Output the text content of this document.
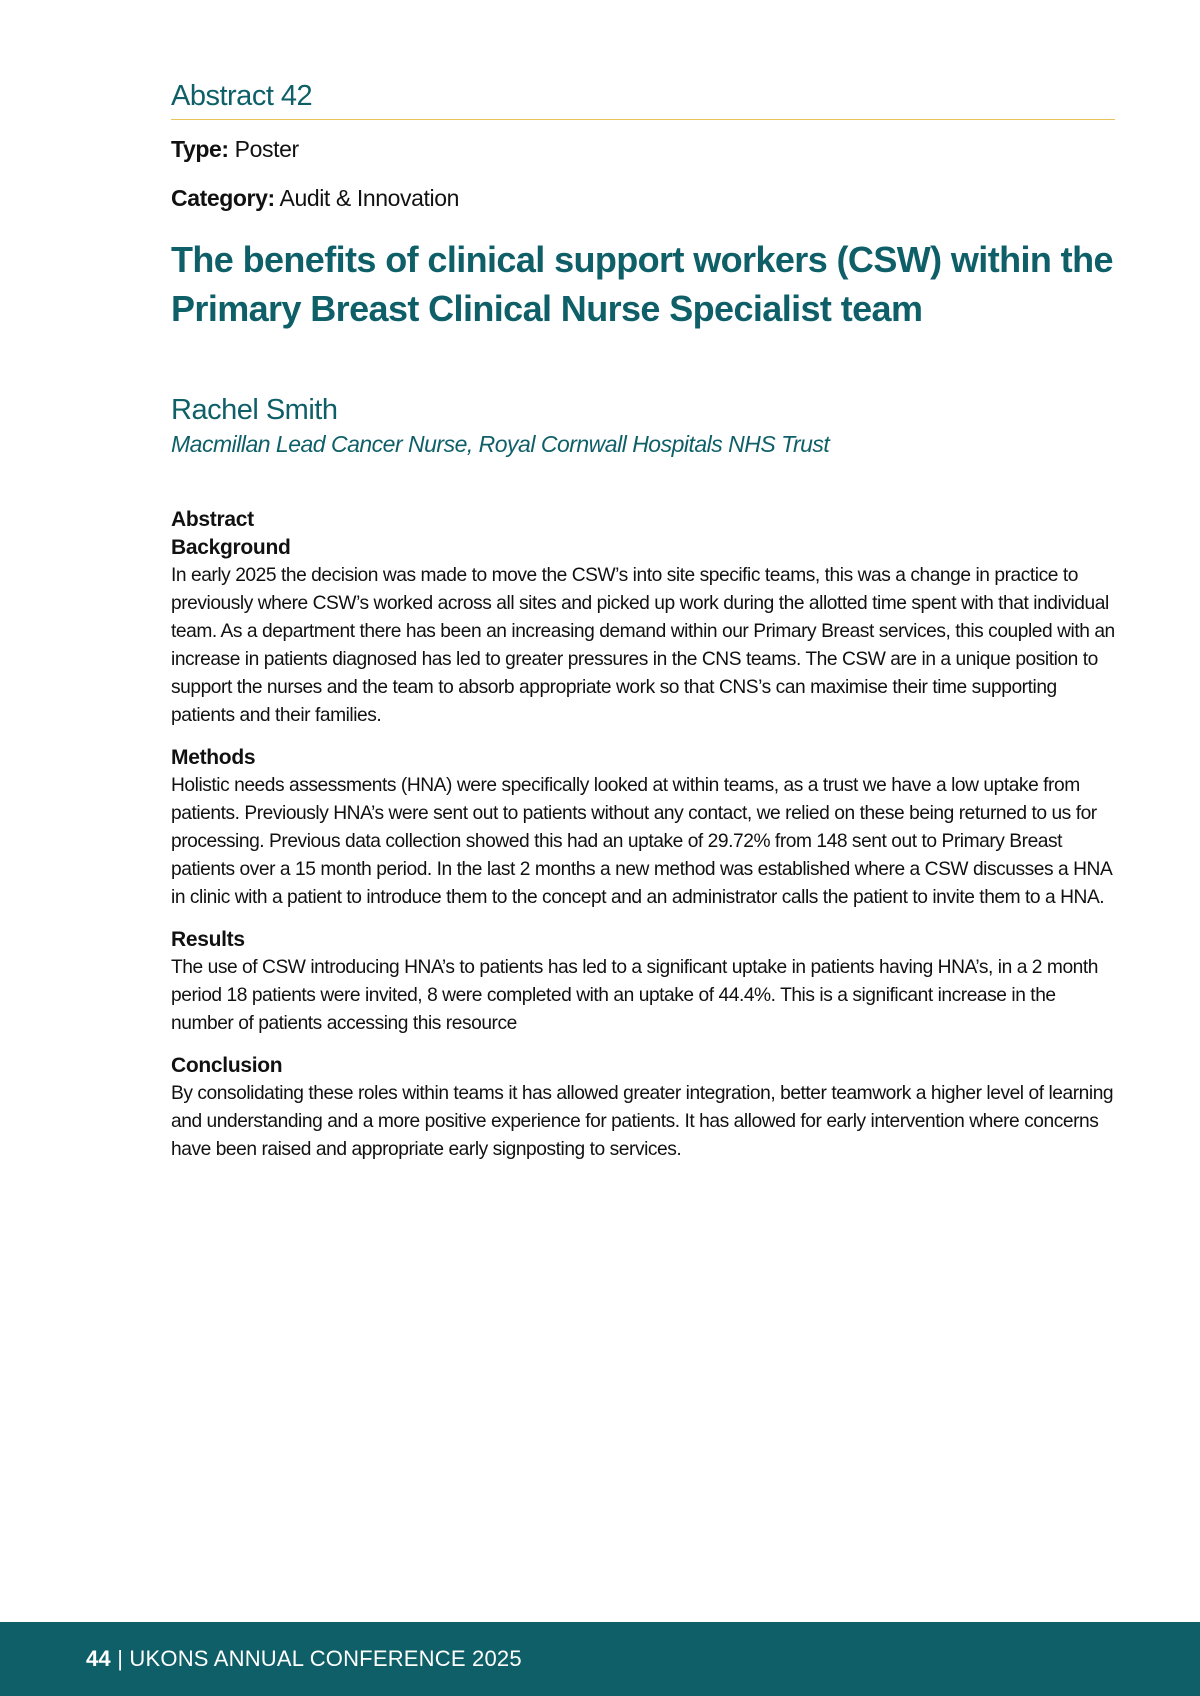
Abstract 42
Type: Poster
Category: Audit & Innovation
The benefits of clinical support workers (CSW) within the Primary Breast Clinical Nurse Specialist team
Rachel Smith
Macmillan Lead Cancer Nurse, Royal Cornwall Hospitals NHS Trust
Abstract
Background

In early 2025 the decision was made to move the CSW’s into site specific teams, this was a change in practice to previously where CSW’s worked across all sites and picked up work during the allotted time spent with that individual team. As a department there has been an increasing demand within our Primary Breast services, this coupled with an increase in patients diagnosed has led to greater pressures in the CNS teams. The CSW are in a unique position to support the nurses and the team to absorb appropriate work so that CNS’s can maximise their time supporting patients and their families.

Methods

Holistic needs assessments (HNA) were specifically looked at within teams, as a trust we have a low uptake from patients. Previously HNA’s were sent out to patients without any contact, we relied on these being returned to us for processing. Previous data collection showed this had an uptake of 29.72% from 148 sent out to Primary Breast patients over a 15 month period. In the last 2 months a new method was established where a CSW discusses a HNA in clinic with a patient to introduce them to the concept and an administrator calls the patient to invite them to a HNA.

Results

The use of CSW introducing HNA’s to patients has led to a significant uptake in patients having HNA’s, in a 2 month period 18 patients were invited, 8 were completed with an uptake of 44.4%. This is a significant increase in the number of patients accessing this resource

Conclusion

By consolidating these roles within teams it has allowed greater integration, better teamwork a higher level of learning and understanding and a more positive experience for patients. It has allowed for early intervention where concerns have been raised and appropriate early signposting to services.

44 | UKONS ANNUAL CONFERENCE 2025
